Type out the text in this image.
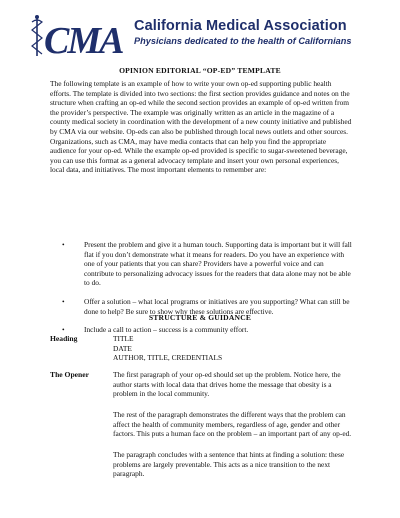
CMA California Medical Association
Physicians dedicated to the health of Californians
OPINION EDITORIAL “OP-ED” TEMPLATE

The following template is an example of how to write your own op-ed supporting public health efforts. The template is divided into two sections: the first section provides guidance and notes on the structure when crafting an op-ed while the second section provides an example of op-ed written from the provider’s perspective. The example was originally written as an article in the magazine of a county medical society in coordination with the development of a new county initiative and published by CMA via our website. Op-eds can also be published through local news outlets and other sources. Organizations, such as CMA, may have media contacts that can help you find the appropriate audience for your op-ed. While the example op-ed provided is specific to sugar-sweetened beverage, you can use this format as a general advocacy template and insert your own personal experiences, local data, and initiatives. The most important elements to remember are:

•	Present the problem and give it a human touch. Supporting data is important but it will fall flat if you don’t demonstrate what it means for readers. Do you have an experience with one of your patients that you can share? Providers have a powerful voice and can contribute to personalizing advocacy issues for the readers that data alone may not be able to do.
•	Offer a solution – what local programs or initiatives are you supporting? What can still be done to help? Be sure to show why these solutions are effective.
•	Include a call to action – success is a community effort.
STRUCTURE & GUIDANCE
Heading	TITLE
DATE
AUTHOR, TITLE, CREDENTIALS
The Opener	The first paragraph of your op-ed should set up the problem. Notice here, the author starts with local data that drives home the message that obesity is a problem in the local community.

The rest of the paragraph demonstrates the different ways that the problem can affect the health of community members, regardless of age, gender and other factors. This puts a human face on the problem – an important part of any op-ed.

The paragraph concludes with a sentence that hints at finding a solution: these problems are largely preventable. This acts as a nice transition to the next paragraph.
